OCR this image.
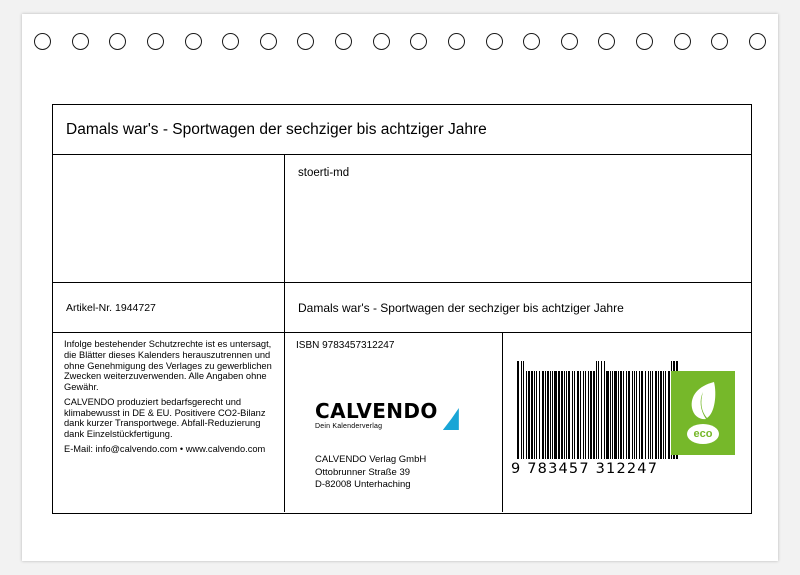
Damals war's - Sportwagen der sechziger bis achtziger Jahre
stoerti-md
Artikel-Nr. 1944727	Damals war's - Sportwagen der sechziger bis achtziger Jahre

Infolge bestehender Schutzrechte ist es untersagt, die Blätter dieses Kalenders herauszutrennen und ohne Genehmigung des Verlages zu gewerblichen Zwecken weiterzuverwenden. Alle Angaben ohne Gewähr.

CALVENDO produziert bedarfsgerecht und klimabewusst in DE & EU. Positivere CO2-Bilanz dank kurzer Transportwege. Abfall-Reduzierung dank Einzelstückfertigung.

E-Mail: info@calvendo.com • www.calvendo.com

ISBN 9783457312247
CALVENDO
Dein Kalenderverlag
CALVENDO Verlag GmbH
Ottobrunner Straße 39
D-82008 Unterhaching
9 783457 312247
eco
